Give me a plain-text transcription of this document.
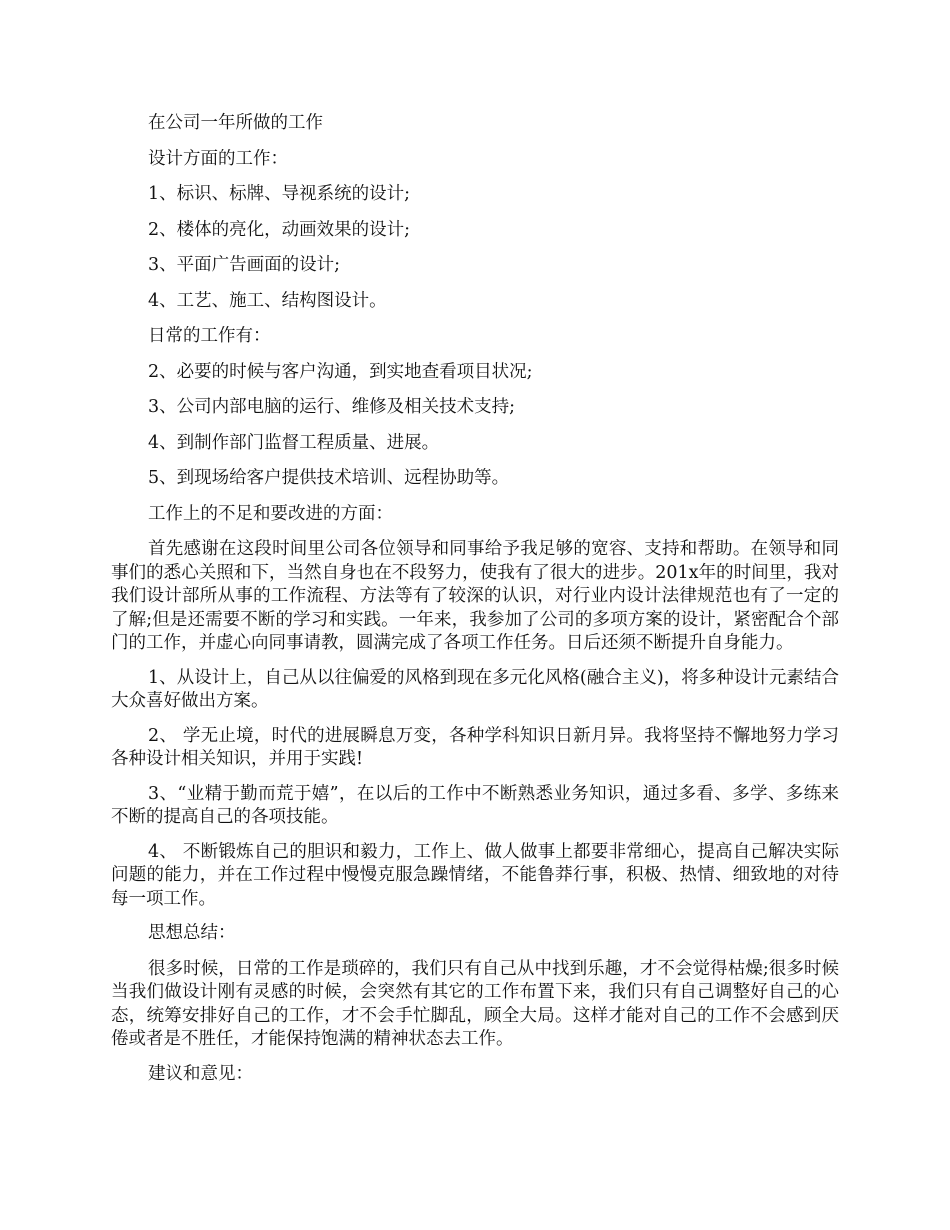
在公司一年所做的工作

设计方面的工作：

1、标识、标牌、导视系统的设计;

2、楼体的亮化，动画效果的设计;

3、平面广告画面的设计;

4、工艺、施工、结构图设计。

日常的工作有：

2、必要的时候与客户沟通，到实地查看项目状况;

3、公司内部电脑的运行、维修及相关技术支持;

4、到制作部门监督工程质量、进展。

5、到现场给客户提供技术培训、远程协助等。

工作上的不足和要改进的方面：

首先感谢在这段时间里公司各位领导和同事给予我足够的宽容、支持和帮助。在领导和同事们的悉心关照和下，当然自身也在不段努力，使我有了很大的进步。201x年的时间里，我对我们设计部所从事的工作流程、方法等有了较深的认识，对行业内设计法律规范也有了一定的了解;但是还需要不断的学习和实践。一年来，我参加了公司的多项方案的设计，紧密配合个部门的工作，并虚心向同事请教，圆满完成了各项工作任务。日后还须不断提升自身能力。

1、从设计上，自己从以往偏爱的风格到现在多元化风格(融合主义)，将多种设计元素结合大众喜好做出方案。

2、 学无止境，时代的进展瞬息万变，各种学科知识日新月异。我将坚持不懈地努力学习各种设计相关知识，并用于实践!

3、“业精于勤而荒于嬉”，在以后的工作中不断熟悉业务知识，通过多看、多学、多练来不断的提高自己的各项技能。

4、 不断锻炼自己的胆识和毅力，工作上、做人做事上都要非常细心，提高自己解决实际问题的能力，并在工作过程中慢慢克服急躁情绪，不能鲁莽行事，积极、热情、细致地的对待每一项工作。

思想总结：

很多时候，日常的工作是琐碎的，我们只有自己从中找到乐趣，才不会觉得枯燥;很多时候当我们做设计刚有灵感的时候，会突然有其它的工作布置下来，我们只有自己调整好自己的心态，统筹安排好自己的工作，才不会手忙脚乱，顾全大局。这样才能对自己的工作不会感到厌倦或者是不胜任，才能保持饱满的精神状态去工作。

建议和意见：
